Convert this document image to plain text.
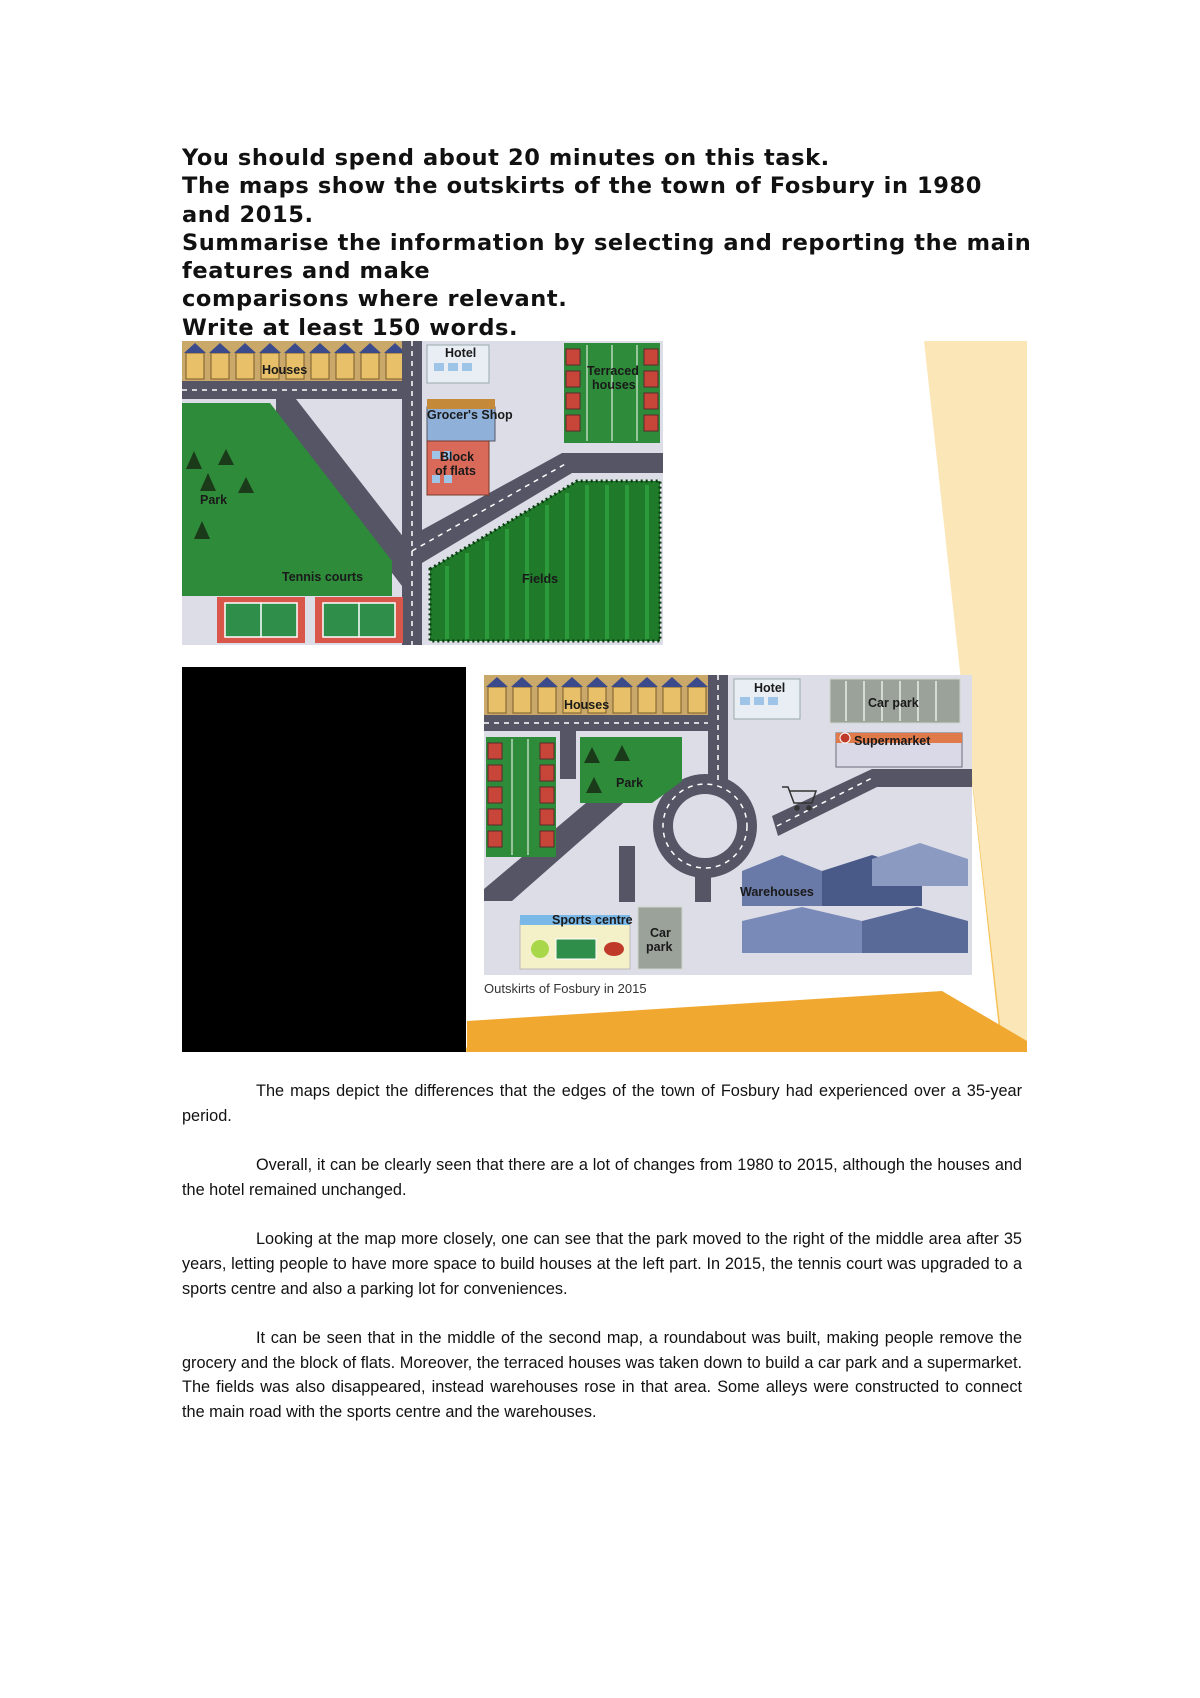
You should spend about 20 minutes on this task.
The maps show the outskirts of the town of Fosbury in 1980 and 2015.
Summarise the information by selecting and reporting the main features and make
comparisons where relevant.
Write at least 150 words.
Houses
Hotel
Terraced
houses
Grocer's Shop
Block
of flats
Park
Tennis courts	Fields
Houses
Hotel
Car park
Supermarket
Park
Warehouses
Sports centre
Car
park
Outskirts of Fosbury in 2015

The maps depict the differences that the edges of the town of Fosbury had experienced over a 35-year period.

Overall, it can be clearly seen that there are a lot of changes from 1980 to 2015, although the houses and the hotel remained unchanged.

Looking at the map more closely, one can see that the park moved to the right of the middle area after 35 years, letting people to have more space to build houses at the left part. In 2015, the tennis court was upgraded to a sports centre and also a parking lot for conveniences.

It can be seen that in the middle of the second map, a roundabout was built, making people remove the grocery and the block of flats. Moreover, the terraced houses was taken down to build a car park and a supermarket. The fields was also disappeared, instead warehouses rose in that area. Some alleys were constructed to connect the main road with the sports centre and the warehouses.
